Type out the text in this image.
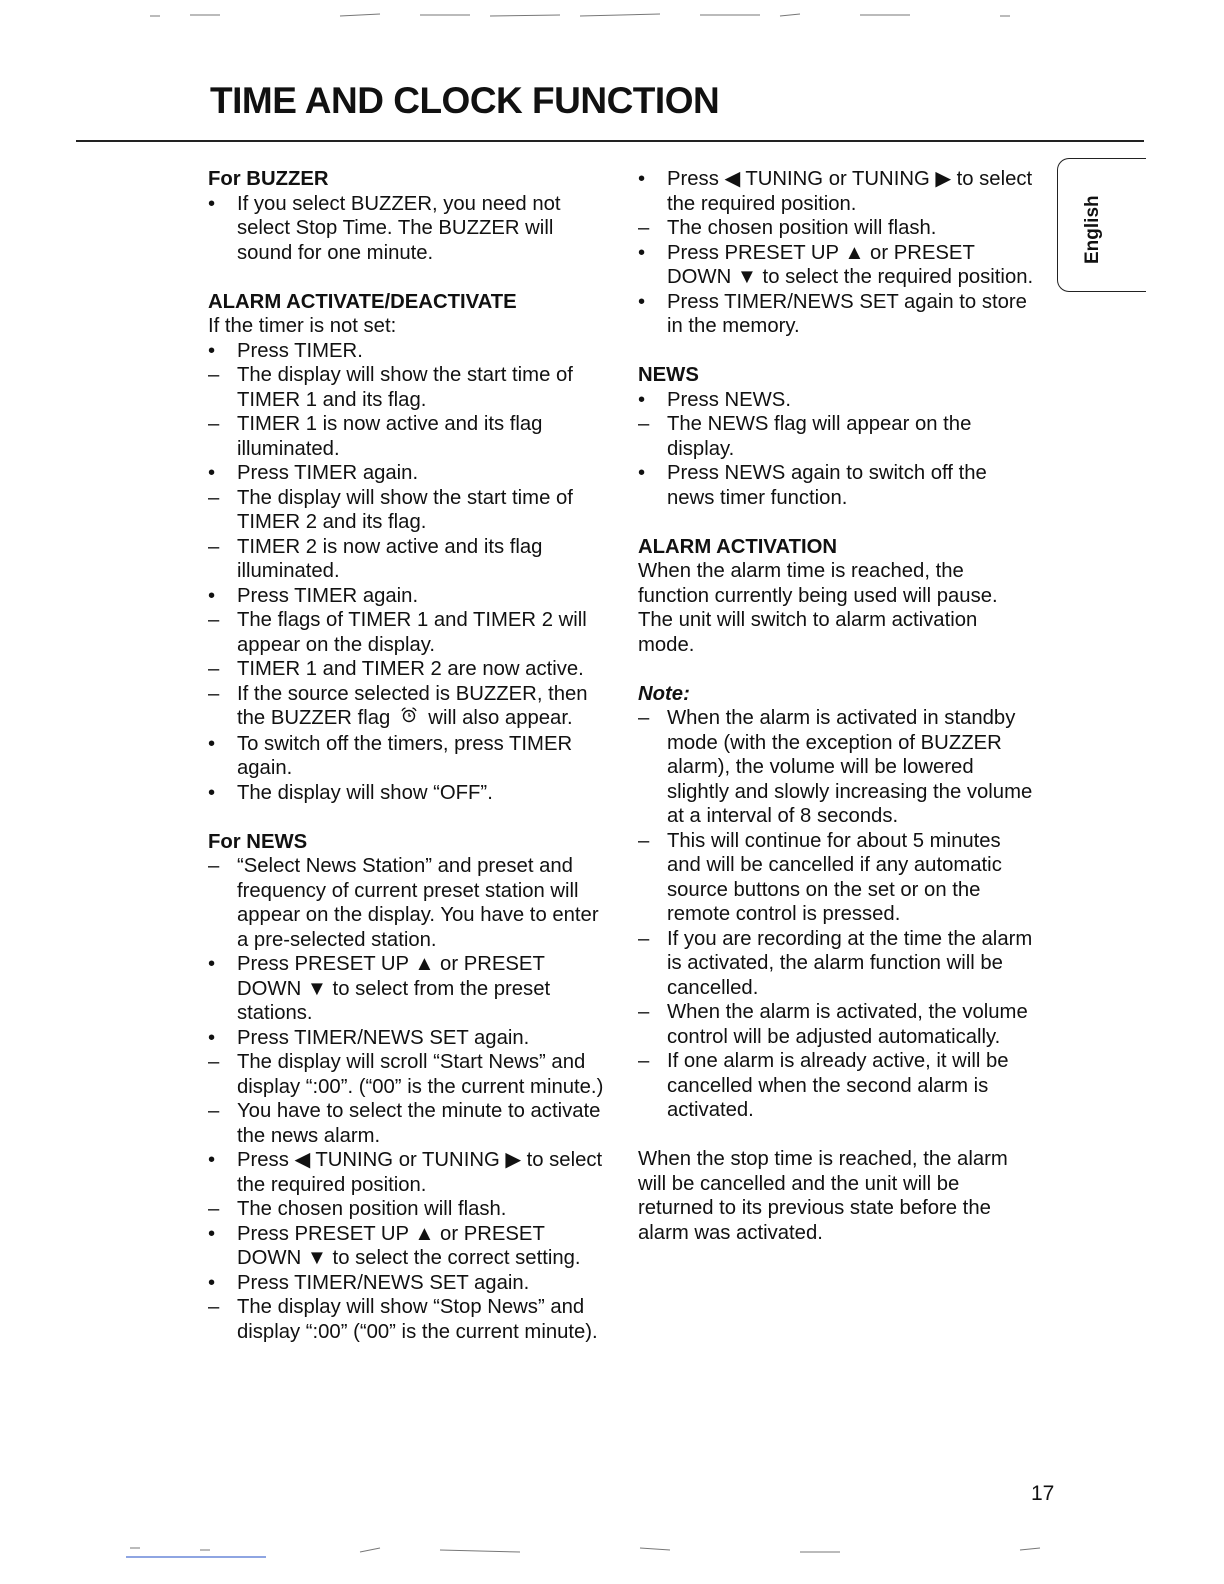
TIME AND CLOCK FUNCTION
English

For BUZZER

•	If you select BUZZER, you need not select Stop Time. The BUZZER will sound for one minute.

ALARM ACTIVATE/DEACTIVATE

If the timer is not set:

•	Press TIMER.
– The display will show the start time of TIMER 1 and its flag.
– TIMER 1 is now active and its flag illuminated.
•	Press TIMER again.
– The display will show the start time of TIMER 2 and its flag.
– TIMER 2 is now active and its flag illuminated.
•	Press TIMER again.
– The flags of TIMER 1 and TIMER 2 will appear on the display.
– TIMER 1 and TIMER 2 are now active.
– If the source selected is BUZZER, then the BUZZER flag will also appear.
•	To switch off the timers, press TIMER again.
•	The display will show “OFF”.

For NEWS

– “Select News Station” and preset and frequency of current preset station will appear on the display. You have to enter a pre-selected station.
•	Press PRESET UP ▲ or PRESET DOWN ▼ to select from the preset stations.
•	Press TIMER/NEWS SET again.
– The display will scroll “Start News” and display “:00”. (“00” is the current minute.)
– You have to select the minute to activate the news alarm.
•	Press ◀ TUNING or TUNING ▶ to select the required position.
– The chosen position will flash.
•	Press PRESET UP ▲ or PRESET DOWN ▼ to select the correct setting.
•	Press TIMER/NEWS SET again.
– The display will show “Stop News” and display “:00” (“00” is the current minute).
•	Press ◀ TUNING or TUNING ▶ to select the required position.
– The chosen position will flash.
•	Press PRESET UP ▲ or PRESET DOWN ▼ to select the required position.
•	Press TIMER/NEWS SET again to store in the memory.

NEWS

•	Press NEWS.
– The NEWS flag will appear on the display.
•	Press NEWS again to switch off the news timer function.

ALARM ACTIVATION

When the alarm time is reached, the function currently being used will pause. The unit will switch to alarm activation mode.

Note:

– When the alarm is activated in standby mode (with the exception of BUZZER alarm), the volume will be lowered slightly and slowly increasing the volume at a interval of 8 seconds.
– This will continue for about 5 minutes and will be cancelled if any automatic source buttons on the set or on the remote control is pressed.
– If you are recording at the time the alarm is activated, the alarm function will be cancelled.
– When the alarm is activated, the volume control will be adjusted automatically.
– If one alarm is already active, it will be cancelled when the second alarm is activated.

When the stop time is reached, the alarm will be cancelled and the unit will be returned to its previous state before the alarm was activated.

17
